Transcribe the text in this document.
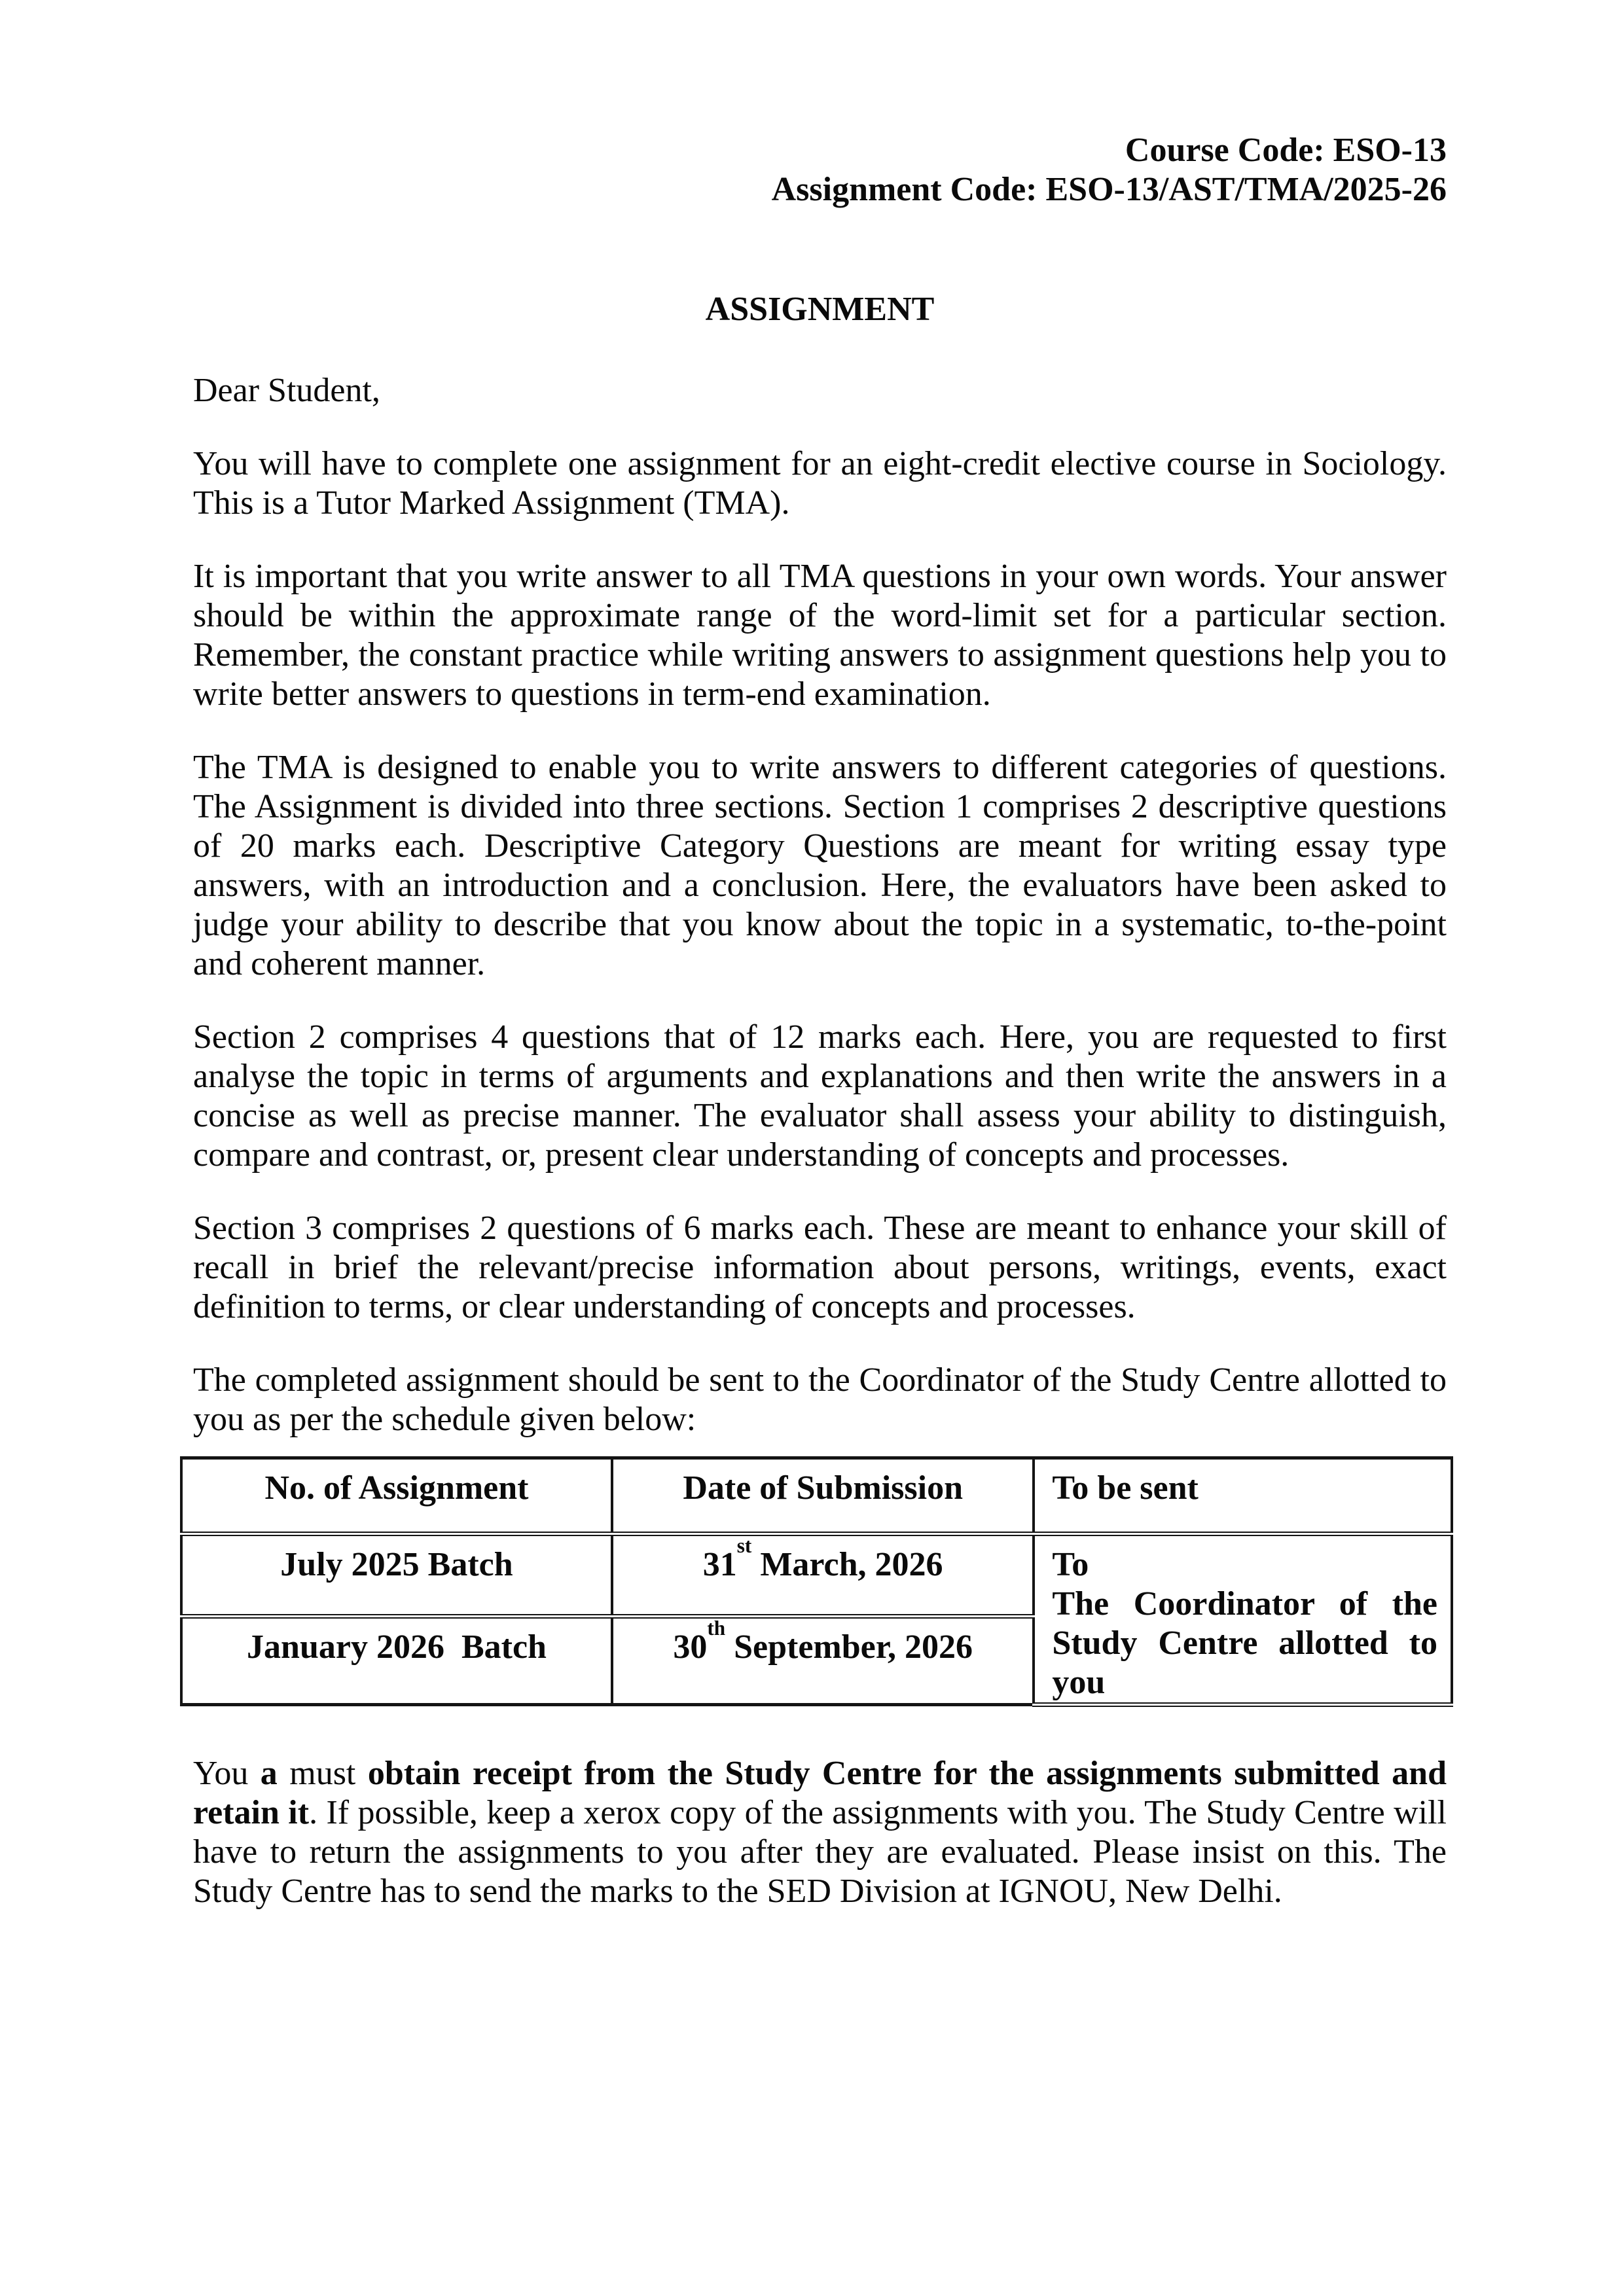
Course Code: ESO-13
Assignment Code: ESO-13/AST/TMA/2025-26
ASSIGNMENT

Dear Student,

You will have to complete one assignment for an eight-credit elective course in Sociology. This is a Tutor Marked Assignment (TMA).

It is important that you write answer to all TMA questions in your own words. Your answer should be within the approximate range of the word-limit set for a particular section. Remember, the constant practice while writing answers to assignment questions help you to write better answers to questions in term-end examination.

The TMA is designed to enable you to write answers to different categories of questions. The Assignment is divided into three sections. Section 1 comprises 2 descriptive questions of 20 marks each. Descriptive Category Questions are meant for writing essay type answers, with an introduction and a conclusion. Here, the evaluators have been asked to judge your ability to describe that you know about the topic in a systematic, to-the-point and coherent manner.

Section 2 comprises 4 questions that of 12 marks each. Here, you are requested to first analyse the topic in terms of arguments and explanations and then write the answers in a concise as well as precise manner. The evaluator shall assess your ability to distinguish, compare and contrast, or, present clear understanding of concepts and processes.

Section 3 comprises 2 questions of 6 marks each. These are meant to enhance your skill of recall in brief the relevant/precise information about persons, writings, events, exact definition to terms, or clear understanding of concepts and processes.

The completed assignment should be sent to the Coordinator of the Study Centre allotted to you as per the schedule given below:

No. of Assignment	Date of Submission	To be sent
July 2025 Batch	31st March, 2026	To
The Coordinator of the Study Centre allotted to you

January 2026  Batch	30th September, 2026	

You a must obtain receipt from the Study Centre for the assignments submitted and retain it. If possible, keep a xerox copy of the assignments with you. The Study Centre will have to return the assignments to you after they are evaluated. Please insist on this. The Study Centre has to send the marks to the SED Division at IGNOU, New Delhi.
